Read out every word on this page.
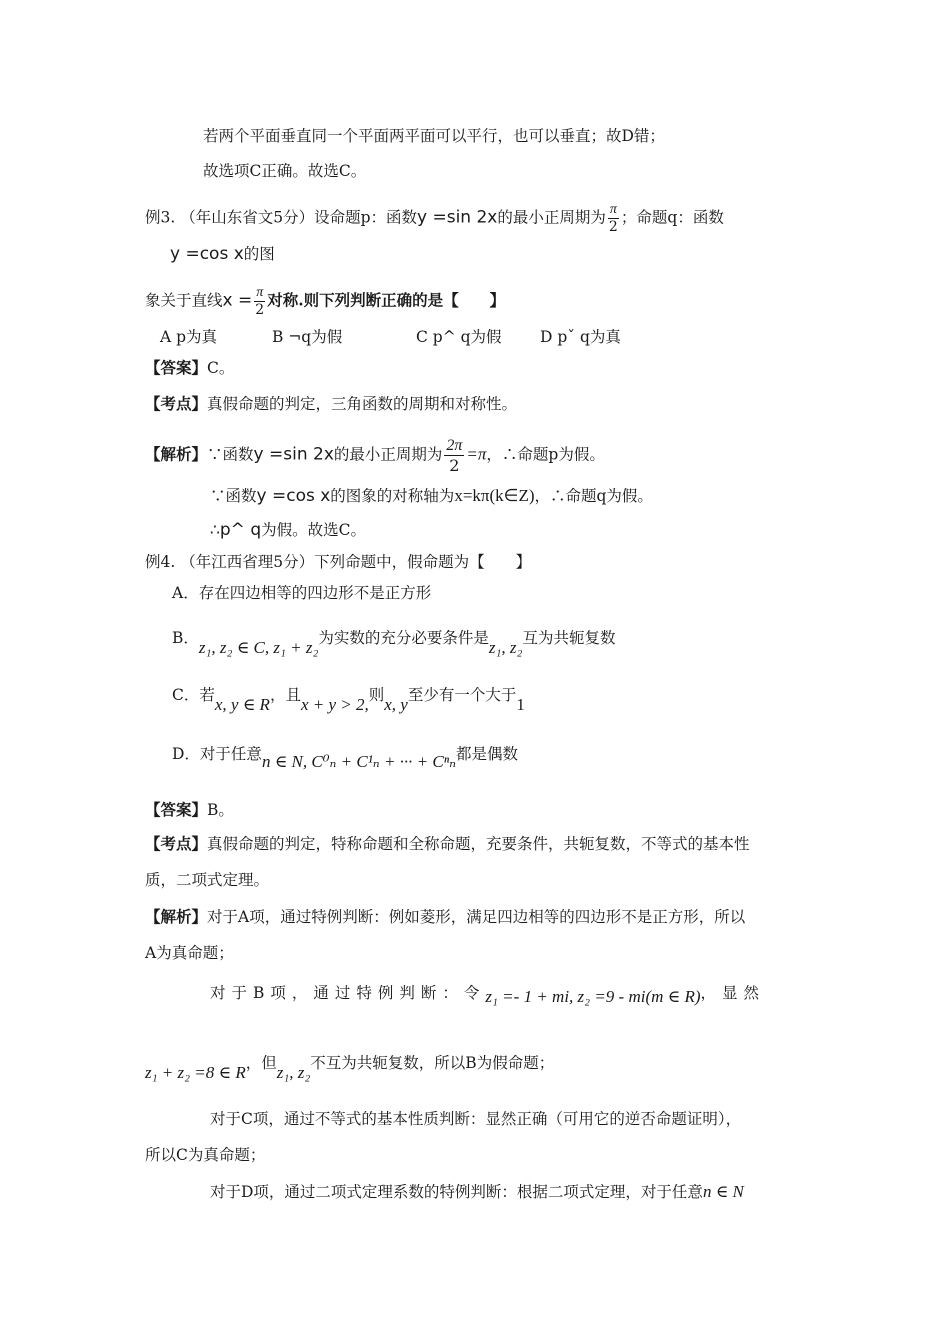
若两个平面垂直同一个平面两平面可以平行，也可以垂直；故D错；
故选项C正确。故选C。
例3. （年山东省文5分）设命题p：函数y =sin 2x的最小正周期为 $\frac{\pi}{2}$ ；命题q：函数
y =cos x的图
象关于直线$x = \frac{\pi}{2}$ 对称.则下列判断正确的是【　　】
A p为真	B ¬q为假	C p^ q为假 D pˇ q为真
【答案】C。
【考点】真假命题的判定，三角函数的周期和对称性。
【解析】∵函数y =sin 2x的最小正周期为 $\frac{2\pi}{2} =\pi$，∴命题p为假。
∵函数y =cos x的图象的对称轴为x=kπ(k∈Z)，∴命题q为假。
∴p^ q为假。故选C。
例4. （年江西省理5分）下列命题中，假命题为【　　】
A．存在四边相等的四边形不是正方形
B．z₁, z₂ ∈ C, z₁ + z₂为实数的充分必要条件是z₁, z₂互为共轭复数
C．若x, y ∈ R，且x + y > 2,则x, y至少有一个大于1
D．对于任意n ∈ N, C⁰ₙ + C¹ₙ + ··· + Cⁿₙ都是偶数
【答案】B。
【考点】真假命题的判定，特称命题和全称命题，充要条件，共轭复数，不等式的基本性
质，二项式定理。
【解析】对于A项，通过特例判断：例如菱形，满足四边相等的四边形不是正方形，所以
A为真命题；
对于B项，通过特例判断：令z₁ =- 1 + mi, z₂ =9 - mi(m ∈ R)，显然
z₁ + z₂ =8 ∈ R，但z₁, z₂不互为共轭复数，所以B为假命题；
对于C项，通过不等式的基本性质判断：显然正确（可用它的逆否命题证明），
所以C为真命题；
对于D项，通过二项式定理系数的特例判断：根据二项式定理，对于任意n ∈ N
